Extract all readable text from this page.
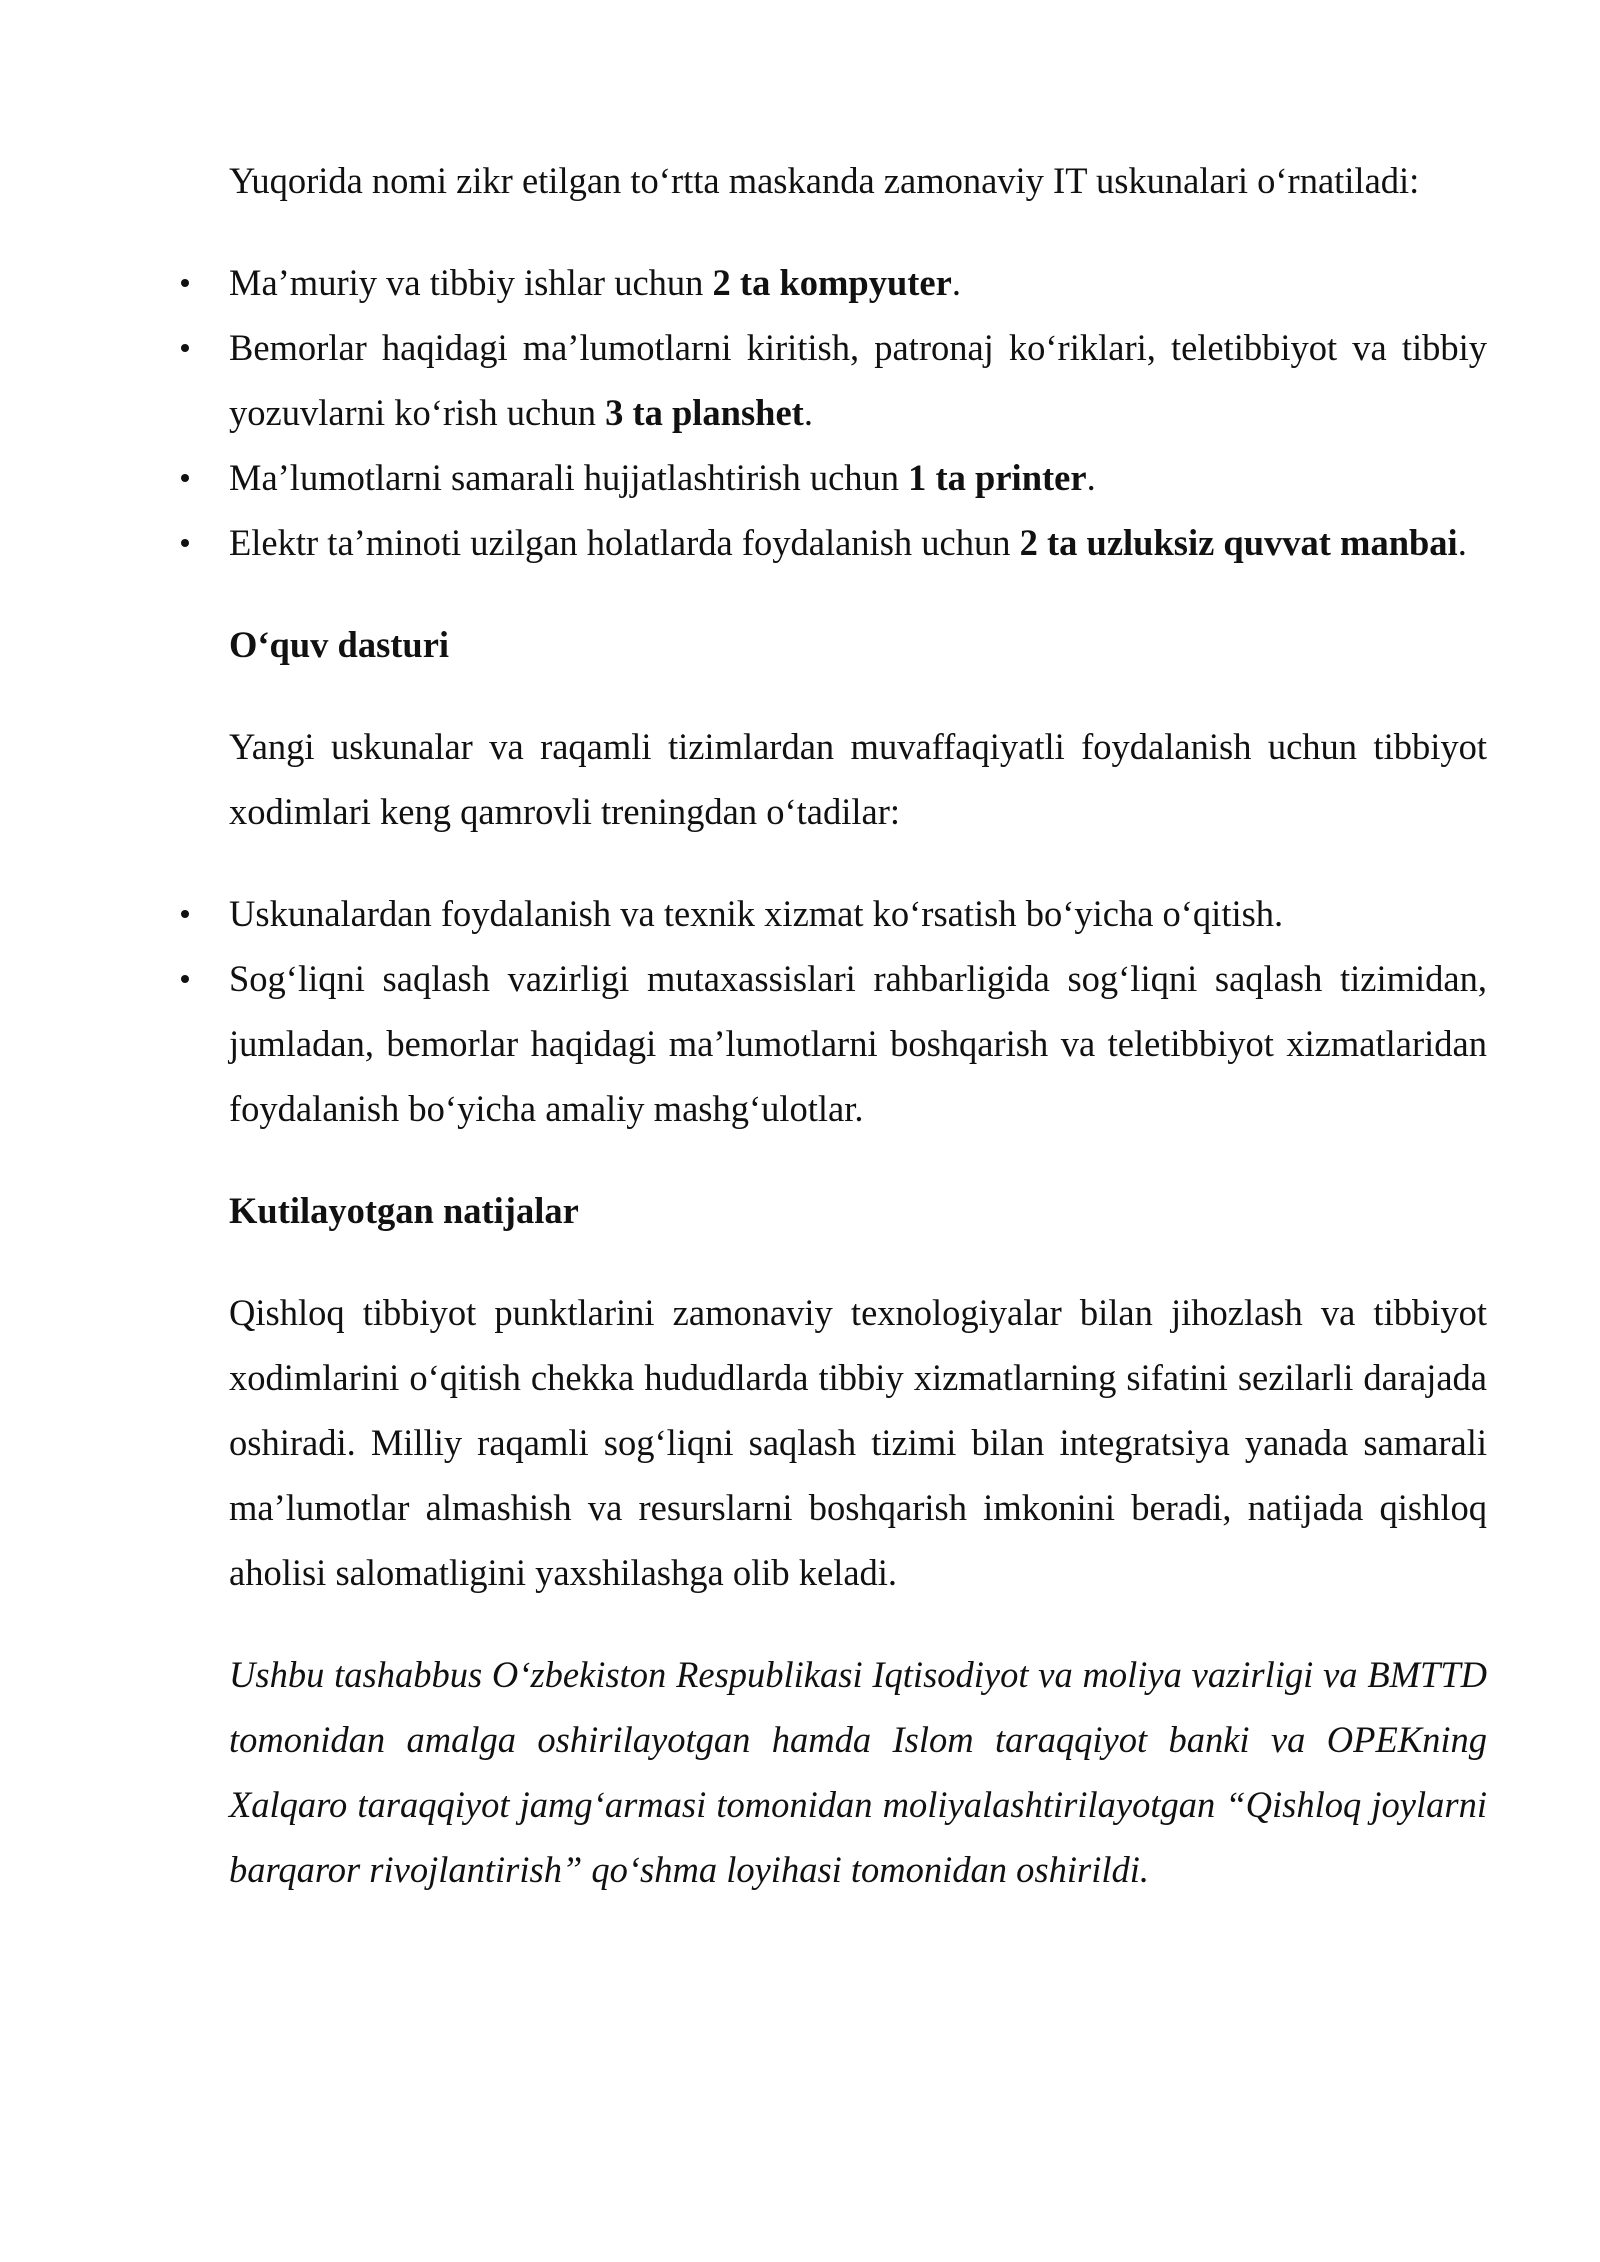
Yuqorida nomi zikr etilgan to‘rtta maskanda zamonaviy IT uskunalari o‘rnatiladi:

Ma’muriy va tibbiy ishlar uchun 2 ta kompyuter.
Bemorlar haqidagi ma’lumotlarni kiritish, patronaj ko‘riklari, teletibbiyot va tibbiy yozuvlarni ko‘rish uchun 3 ta planshet.
Ma’lumotlarni samarali hujjatlashtirish uchun 1 ta printer.
Elektr ta’minoti uzilgan holatlarda foydalanish uchun 2 ta uzluksiz quvvat manbai.

O‘quv dasturi

Yangi uskunalar va raqamli tizimlardan muvaffaqiyatli foydalanish uchun tibbiyot xodimlari keng qamrovli treningdan o‘tadilar:

Uskunalardan foydalanish va texnik xizmat ko‘rsatish bo‘yicha o‘qitish.
Sog‘liqni saqlash vazirligi mutaxassislari rahbarligida sog‘liqni saqlash tizimidan, jumladan, bemorlar haqidagi ma’lumotlarni boshqarish va teletibbiyot xizmatlaridan foydalanish bo‘yicha amaliy mashg‘ulotlar.

Kutilayotgan natijalar

Qishloq tibbiyot punktlarini zamonaviy texnologiyalar bilan jihozlash va tibbiyot xodimlarini o‘qitish chekka hududlarda tibbiy xizmatlarning sifatini sezilarli darajada oshiradi. Milliy raqamli sog‘liqni saqlash tizimi bilan integratsiya yanada samarali ma’lumotlar almashish va resurslarni boshqarish imkonini beradi, natijada qishloq aholisi salomatligini yaxshilashga olib keladi.

Ushbu tashabbus O‘zbekiston Respublikasi Iqtisodiyot va moliya vazirligi va BMTTD tomonidan amalga oshirilayotgan hamda Islom taraqqiyot banki va OPEKning Xalqaro taraqqiyot jamg‘armasi tomonidan moliyalashtirilayotgan “Qishloq joylarni barqaror rivojlantirish” qo‘shma loyihasi tomonidan oshirildi.
